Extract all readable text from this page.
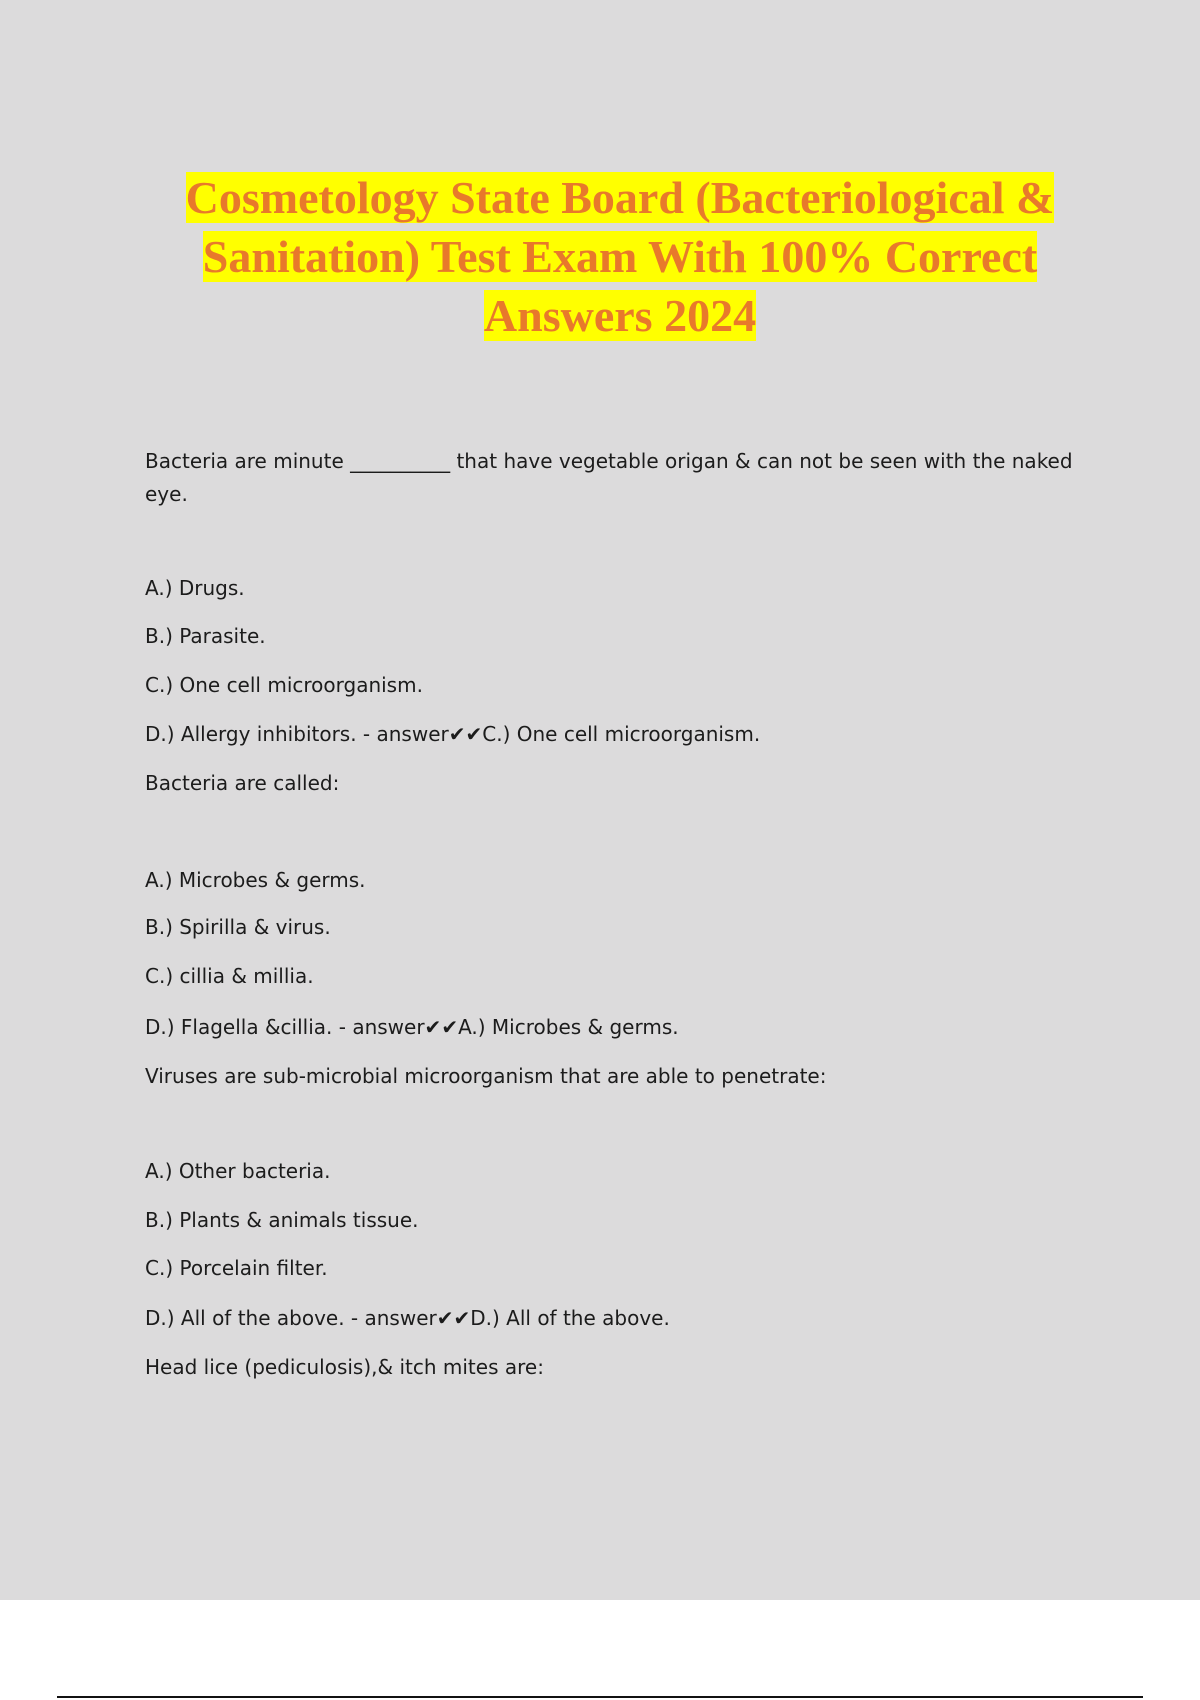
Cosmetology State Board (Bacteriological &
Sanitation) Test Exam With 100% Correct
Answers 2024
Bacteria are minute __________ that have vegetable origan & can not be seen with the naked eye.
A.) Drugs.
B.) Parasite.
C.) One cell microorganism.
D.) Allergy inhibitors. - answer✔✔C.) One cell microorganism.
Bacteria are called:
A.) Microbes & germs.
B.) Spirilla & virus.
C.) cillia & millia.
D.) Flagella &cillia. - answer✔✔A.) Microbes & germs.
Viruses are sub-microbial microorganism that are able to penetrate:
A.) Other bacteria.
B.) Plants & animals tissue.
C.) Porcelain filter.
D.) All of the above. - answer✔✔D.) All of the above.
Head lice (pediculosis),& itch mites are:
